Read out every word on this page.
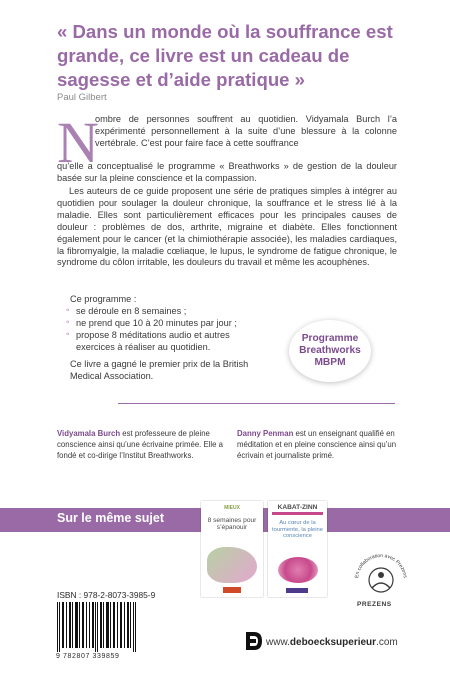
« Dans un monde où la souffrance est grande, ce livre est un cadeau de sagesse et d’aide pratique »

Paul Gilbert
N
ombre de personnes souffrent au quotidien. Vidyamala Burch l’a expérimenté personnellement à la suite d’une blessure à la colonne vertébrale. C’est pour faire face à cette souffrance
qu’elle a conceptualisé le programme « Breathworks » de gestion de la douleur basée sur la pleine conscience et la compassion.
Les auteurs de ce guide proposent une série de pratiques simples à intégrer au quotidien pour soulager la douleur chronique, la souffrance et le stress lié à la maladie. Elles sont particulièrement efficaces pour les principales causes de douleur : problèmes de dos, arthrite, migraine et diabète. Elles fonctionnent également pour le cancer (et la chimiothérapie associée), les maladies cardiaques, la fibromyalgie, la maladie cœliaque, le lupus, le syndrome de fatigue chronique, le syndrome du côlon irritable, les douleurs du travail et même les acouphènes.
Ce programme :
◦ se déroule en 8 semaines ;
◦ ne prend que 10 à 20 minutes par jour ;
◦ propose 8 méditations audio et autres exercices à réaliser au quotidien.
Ce livre a gagné le premier prix de la British Medical Association.
Programme
Breathworks
MBPM
Vidyamala Burch est professeure de pleine conscience ainsi qu’une écrivaine primée. Elle a fondé et co-dirige l’Institut Breathworks.
Danny Penman est un enseignant qualifié en méditation et en pleine conscience ainsi qu’un écrivain et journaliste primé.
Sur le même sujet
MIEUX
8 semaines pour s’épanouir
KABAT-ZINN
Au cœur de la tourmente, la pleine conscience
En collaboration avec Prezens
PREZENS
ISBN : 978-2-8073-3985-9
9 782807 339859
www.deboecksuperieur.com
